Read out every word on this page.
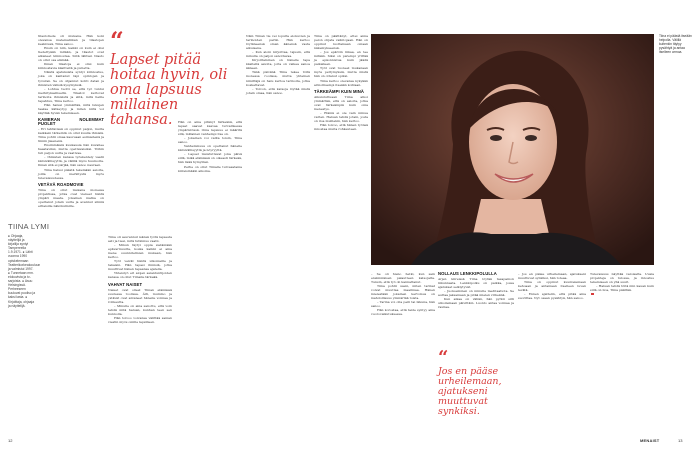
tilastotiede oli mukana. Hän koki olevansa matematiikan ja tilastojen keskiössä, Tiina sanoo.

Ensin on niin, kaikki on kuin ei olisi tiedettyään mitään, ja tilastot ovat alkaneet kiinnostaa. Siitä lähtien tilasto on ollut osa elämää.

Ilman tilastoja ei olisi kuin kiinnostavia käsitteitä ja puhetta.

Näistä ajatuksista syntyi kiinnostus, joka on kantanut läpi opintojen ja työuran. Se on ohjannut kohti datan ja ihmisten välisiä kysymyksiä.

– Lohtua tuotti se, että työ tuntui merkitykselliseltä. Tilastot kertovat tarinoita ihmisistä ja siitä, mitä heille tapahtuu, Tiina kertoo.

Hän halusi ymmärtää, mitä lukujen taakse kätkeytyy, ja miten niitä voi käyttää hyvän tekemiseen.

KAMERAN NOLEMMAT PUOLET

– Eri tehtävissä on oppinut paljon, mutta kaikkein tärkeintä on ollut kuulla ihmisiä. Tiina pohtii omaa kasvuaan esimiehenä ja tiimin jäsenenä.

Ensimmäisiä kuukausia hän kuvailee haastaviksi, mutta opettavaisiksi. Töihin tuli paljon uutta ja vaativaa.

– Ihmisten kanssa työskentely vaatii kärsivällisyyttä, ja välillä myös huumoria. Ilman sitä ei pärjää, hän sanoo nauraen.

Tiina halusi päästä tekemään asioita, joilla on merkitystä myös tulevaisuudessa.

VETÄVÄ ROADMOVIE

Tiina on ollut mukana monessa projektissa, jotka ovat vieneet häntä ympäri maata. Jokainen matka on opettanut jotain uutta ja avannut silmiä erilaisille näkökulmille.

TIINA LYMI
● Ohjaaja, näyttelijä ja kirjailija syntyi Tampereella 1.9.1971. ● Lähti vuonna 1990 opiskelemaan Teatterikorkeakouluun ja valmistui 1997. ● Tunnetaan mm. elokuvista ja tv-sarjoista. ● Asuu Helsingissä. Perheeseen kuuluvat puoliso ja kaksi lasta. ● Kirjoittaja, ohjaaja ja näyttelijä.

Tiina oli seurannut isänsä työtä lapsesta asti ja tiesi, mitä tutkimus vaatii.

– Minun täytyi oppia sietämään epävarmuutta, koska kaikki ei aina mene suunnitelmien mukaan, hän kertoo.

Työt veivät häntä ulkomaille ja takaisin. Hän tapasi ihmisiä, jotka muuttivat hänen tapaansa ajatella.

Yhteistyö eri alojen asiantuntijoiden kanssa on ollut Tiinalle tärkeää.

VAHVAT NAISET

Naiset ovat olleet Tiinan elämässä suuressa roolissa. Äiti, mummo ja ystävät ovat antaneet hänelle voimaa ja rohkeutta.

– Minulle on aina sanottu, että voin tehdä mitä haluan, kunhan teen sen kunnolla.

Hän toivoo voivansa välittää saman viestin myös omille lapsilleen.

“
Lapset pitää hoitaa hyvin, oli oma lapsuus millainen tahansa.	Hän on aina pitänyt tärkeänä, että lapset saavat kasvaa turvallisessa ympäristössä. Oma lapsuus ei määritä sitä, millainen vanhempi itse on.

– Jokainen voi valita toisin, Tiina sanoo.

Vanhemmuus on opettanut hänelle kärsivällisyyttä ja nöyryyttä.

– Lapset muistuttavat joka päivä siitä, mikä elämässä on oikeasti tärkeää, hän lisää hymyillen.

Perhe on ollut Tiinalle turvasatama kiireisinäkin aikoina.

Näin Tiinan tie vei lopulta elokuvien ja tarinoiden pariin. Hän kertoo löytäneensä oman äänensä vasta aikuisena.

– Kun aloin kirjoittaa, tajusin, että minulla on paljon sanottavaa.

Kirjoittaminen on hänelle tapa käsitellä asioita, joita on vaikea sanoa ääneen.

Tänä päivänä Tiina tekee töitä monessa roolissa, mutta yhteinen nimittäjä on halu kertoa tarinoita, jotka koskettavat.

– Toivon, että katsoja löytää niistä jotain omaa, hän sanoo.

Tiina on päättänyt, ettei anna pelon ohjata valintojaan. Hän on oppinut luottamaan omaan näkemykseensä.

– Jos epäröin liikaa, en tee mitään. Siksi on parempi yrittää ja epäonnistua kuin jäädä paikalleen.

Työt ovat tuoneet mukanaan myös pettymyksiä, mutta niistä hän on ottanut opiksi.

Tiina kertoo olevansa nykyään armollisempi itseään kohtaan.

TÄRKEÄMPI KUIN MINÄ

Aikuistuttuaan Tiina alkoi ymmärtää, että on asioita, jotka ovat tärkeämpiä kuin oma menestys.

– Elämä ei ole vain minua varten. Haluan tehdä jotain, josta on iloa muillekin, hän kertoo.

Hän toivoo, että hänen työnsä innostaa muita rohkeuteen.

12
Tiina ei päästä itseään helpolla. Välillä kuitenkin täytyy pysähtyä ja antaa itselleen armoa.

– Se oli hieno hetki, kun sain ensimmäisen palautteen katsojalta. Tunsin, että työ oli kannattanut.

Tiina pohtii usein, miten tarinat voivat muuttaa maailmaa. Hänen mielestään jokainen kertomus on mahdollisuus ymmärtää toista.

– Tarina voi olla peili tai ikkuna, hän sanoo.

Hän korostaa, että taide syntyy aina vuorovaikutuksessa.

“
Jos en pääse urheilemaan, ajatukseni muuttuvat synkiksi.
NOLLAUS LENKKIPOLULLA

Arjen kiireissä Tiina löytää tasapainon liikunnasta. Lenkkipolku on paikka, jossa ajatukset selkiytyvät.

– Juokseminen on minulle meditaatiota. Se auttaa jaksamaan ja pitää mielen virkeänä.

Kun aikaa on vähän, hän pyrkii silti ulkoilemaan päivittäin. Luonto antaa voimaa ja rauhaa.

– Jos en pääse urheilemaan, ajatukseni muuttuvat synkiksi, hän toteaa.

Tiina on oppinut kuuntelemaan kehoaan ja antamaan itselleen luvan levätä.

– Ennen ajattelin, että pitää aina suorittaa. Nyt osaan pysähtyä, hän sanoo.

Tulevaisuus näyttää valoisalta. Uusia projekteja on tulossa, ja innostus tekemiseen on yhä suuri.

– Haluan tehdä töitä niin kauan kuin siitä on iloa, Tiina päättää.

MENAIST	13
